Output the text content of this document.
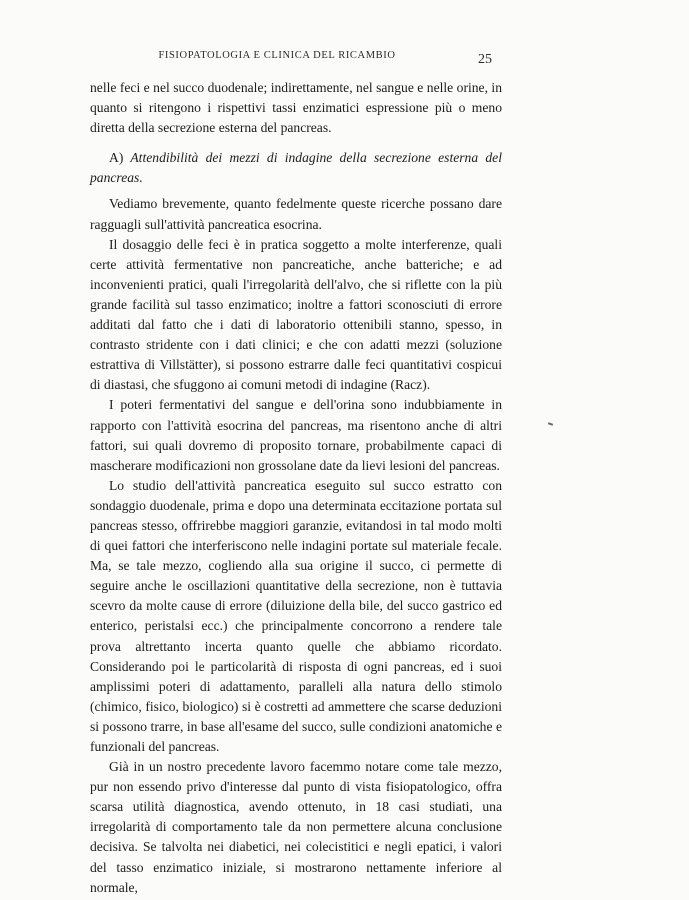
FISIOPATOLOGIA E CLINICA DEL RICAMBIO	25

nelle feci e nel succo duodenale; indirettamente, nel sangue e nelle orine, in quanto si ritengono i rispettivi tassi enzimatici espressione più o meno diretta della secrezione esterna del pancreas.

A) Attendibilità dei mezzi di indagine della secrezione esterna del pancreas.

Vediamo brevemente, quanto fedelmente queste ricerche possano dare ragguagli sull'attività pancreatica esocrina.

Il dosaggio delle feci è in pratica soggetto a molte interferenze, quali certe attività fermentative non pancreatiche, anche batteriche; e ad inconvenienti pratici, quali l'irregolarità dell'alvo, che si riflette con la più grande facilità sul tasso enzimatico; inoltre a fattori sconosciuti di errore additati dal fatto che i dati di laboratorio ottenibili stanno, spesso, in contrasto stridente con i dati clinici; e che con adatti mezzi (soluzione estrattiva di Villstätter), si possono estrarre dalle feci quantitativi cospicui di diastasi, che sfuggono ai comuni metodi di indagine (Racz).

I poteri fermentativi del sangue e dell'orina sono indubbiamente in rapporto con l'attività esocrina del pancreas, ma risentono anche di altri fattori, sui quali dovremo di proposito tornare, probabilmente capaci di mascherare modificazioni non grossolane date da lievi lesioni del pancreas.

Lo studio dell'attività pancreatica eseguito sul succo estratto con sondaggio duodenale, prima e dopo una determinata eccitazione portata sul pancreas stesso, offrirebbe maggiori garanzie, evitandosi in tal modo molti di quei fattori che interferiscono nelle indagini portate sul materiale fecale. Ma, se tale mezzo, cogliendo alla sua origine il succo, ci permette di seguire anche le oscillazioni quantitative della secrezione, non è tuttavia scevro da molte cause di errore (diluizione della bile, del succo gastrico ed enterico, peristalsi ecc.) che principalmente concorrono a rendere tale prova altrettanto incerta quanto quelle che abbiamo ricordato. Considerando poi le particolarità di risposta di ogni pancreas, ed i suoi amplissimi poteri di adattamento, paralleli alla natura dello stimolo (chimico, fisico, biologico) si è costretti ad ammettere che scarse deduzioni si possono trarre, in base all'esame del succo, sulle condizioni anatomiche e funzionali del pancreas.

Già in un nostro precedente lavoro facemmo notare come tale mezzo, pur non essendo privo d'interesse dal punto di vista fisiopatologico, offra scarsa utilità diagnostica, avendo ottenuto, in 18 casi studiati, una irregolarità di comportamento tale da non permettere alcuna conclusione decisiva. Se talvolta nei diabetici, nei colecistitici e negli epatici, i valori del tasso enzimatico iniziale, si mostrarono nettamente inferiore al normale,
